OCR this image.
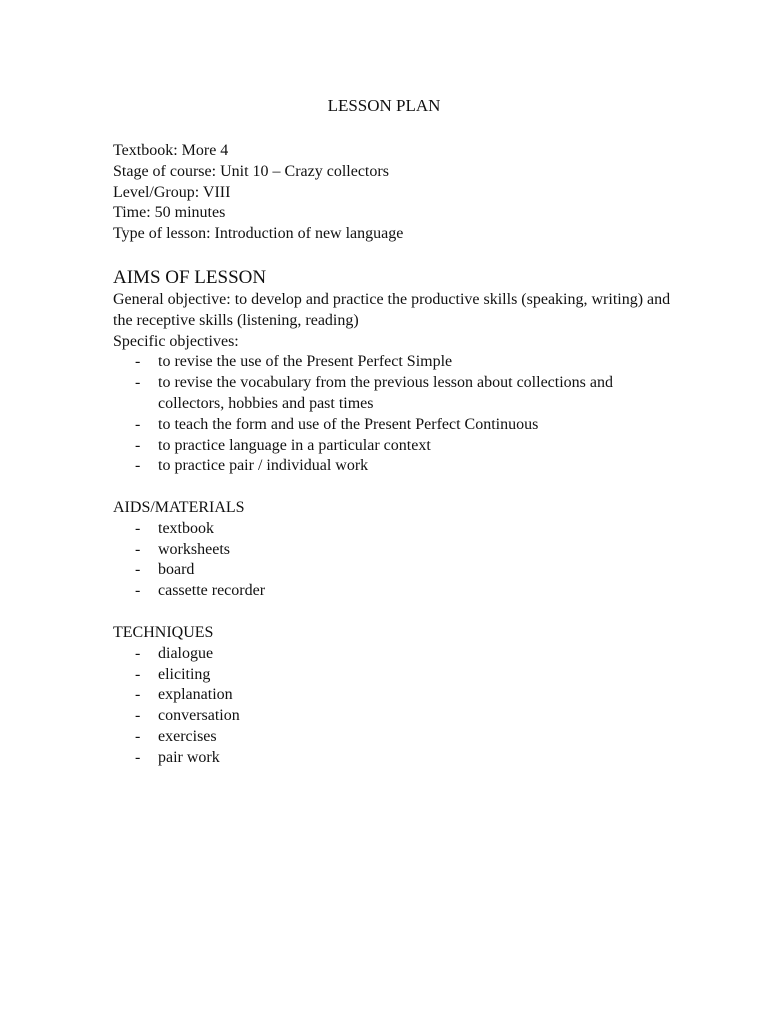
LESSON PLAN
Textbook: More 4
Stage of course: Unit 10 – Crazy collectors
Level/Group: VIII
Time: 50 minutes
Type of lesson: Introduction of new language
AIMS OF LESSON
General objective: to develop and practice the productive skills (speaking, writing) and the receptive skills (listening, reading)
Specific objectives:
- to revise the use of the Present Perfect Simple
- to revise the vocabulary from the previous lesson about collections and collectors, hobbies and past times
- to teach the form and use of the Present Perfect Continuous
- to practice language in a particular context
- to practice pair / individual work
AIDS/MATERIALS
- textbook
- worksheets
- board
- cassette recorder
TECHNIQUES
- dialogue
- eliciting
- explanation
- conversation
- exercises
- pair work
